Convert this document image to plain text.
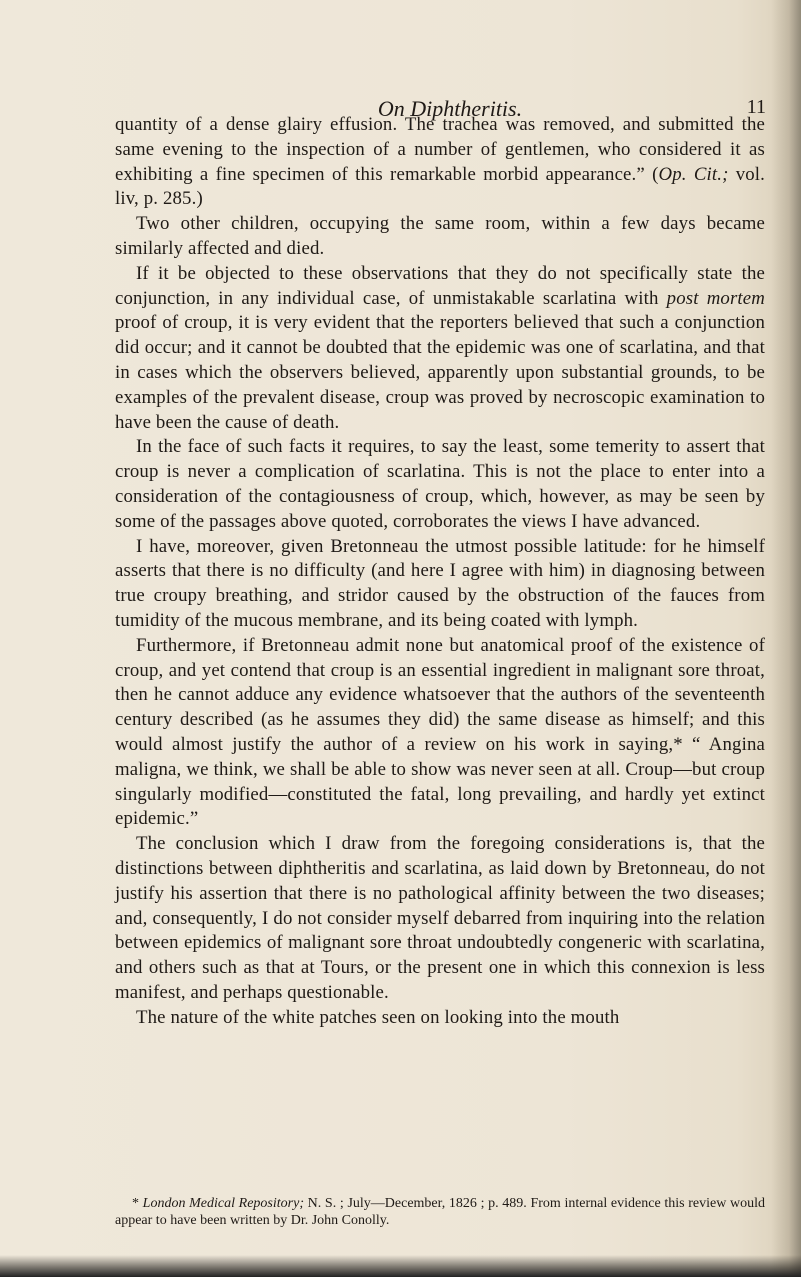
On Diphtheritis.	11

quantity of a dense glairy effusion. The trachea was removed, and submitted the same evening to the inspection of a number of gentlemen, who considered it as exhibiting a fine specimen of this remarkable morbid appearance.” (Op. Cit.; vol. liv, p. 285.)

Two other children, occupying the same room, within a few days became similarly affected and died.

If it be objected to these observations that they do not specifically state the conjunction, in any individual case, of unmistakable scarlatina with post mortem proof of croup, it is very evident that the reporters believed that such a conjunction did occur; and it cannot be doubted that the epidemic was one of scarlatina, and that in cases which the observers believed, apparently upon substantial grounds, to be examples of the prevalent disease, croup was proved by necroscopic examination to have been the cause of death.

In the face of such facts it requires, to say the least, some temerity to assert that croup is never a complication of scarlatina. This is not the place to enter into a consideration of the contagiousness of croup, which, however, as may be seen by some of the passages above quoted, corroborates the views I have advanced.

I have, moreover, given Bretonneau the utmost possible latitude: for he himself asserts that there is no difficulty (and here I agree with him) in diagnosing between true croupy breathing, and stridor caused by the obstruction of the fauces from tumidity of the mucous membrane, and its being coated with lymph.

Furthermore, if Bretonneau admit none but anatomical proof of the existence of croup, and yet contend that croup is an essential ingredient in malignant sore throat, then he cannot adduce any evidence whatsoever that the authors of the seventeenth century described (as he assumes they did) the same disease as himself; and this would almost justify the author of a review on his work in saying,* “ Angina maligna, we think, we shall be able to show was never seen at all. Croup—but croup singularly modified—constituted the fatal, long prevailing, and hardly yet extinct epidemic.”

The conclusion which I draw from the foregoing considerations is, that the distinctions between diphtheritis and scarlatina, as laid down by Bretonneau, do not justify his assertion that there is no pathological affinity between the two diseases; and, consequently, I do not consider myself debarred from inquiring into the relation between epidemics of malignant sore throat undoubtedly congeneric with scarlatina, and others such as that at Tours, or the present one in which this connexion is less manifest, and perhaps questionable.

The nature of the white patches seen on looking into the mouth

* London Medical Repository; N. S. ; July—December, 1826 ; p. 489. From internal evidence this review would appear to have been written by Dr. John Conolly.
